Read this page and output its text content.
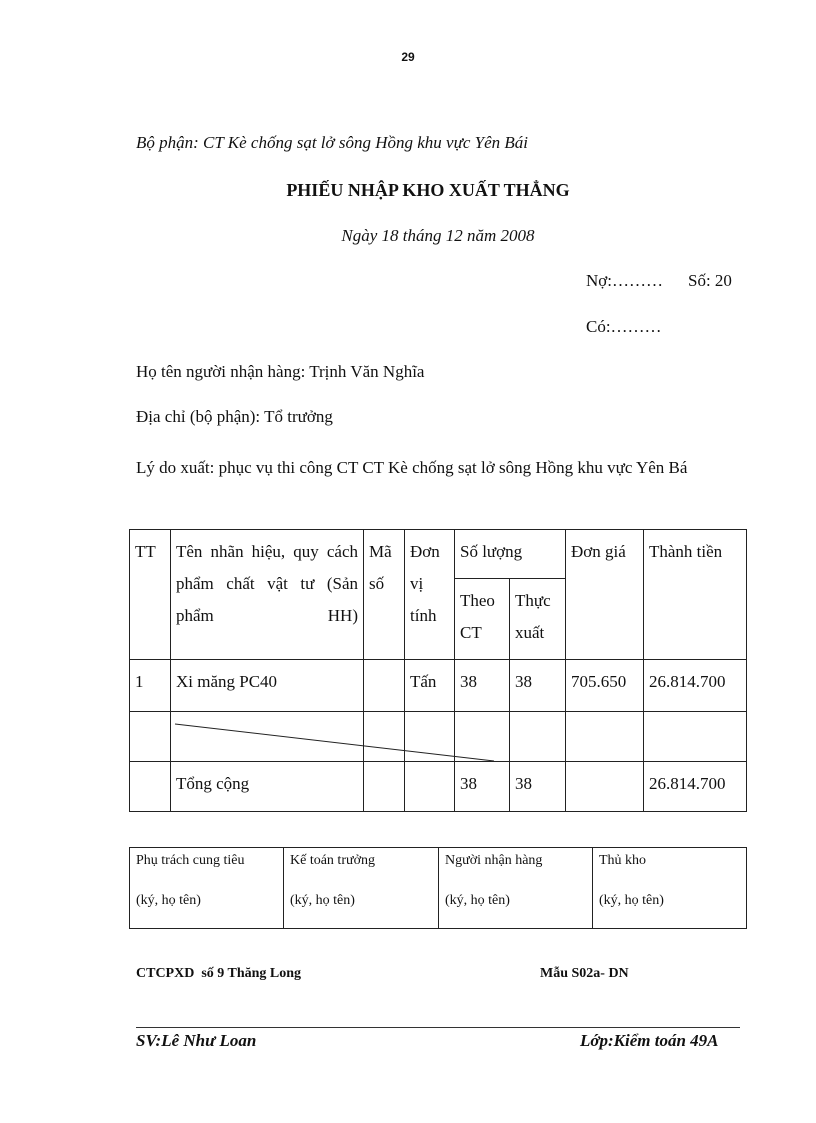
29
Bộ phận: CT Kè chống sạt lở sông Hồng khu vực Yên Bái
PHIẾU NHẬP KHO XUẤT THẲNG
Ngày 18 tháng 12 năm 2008
Nợ:……… Số: 20
Có:………
Họ tên người nhận hàng: Trịnh Văn Nghĩa
Địa chỉ (bộ phận): Tổ trưởng
Lý do xuất: phục vụ thi công CT CT Kè chống sạt lở sông Hồng khu vực Yên Bá
TT	Tên nhãn hiệu, quy cách phẩm chất vật tư (Sản phẩm HH)	Mã số	Đơn vị tính	Số lượng		Đơn giá	Thành tiền
				Theo CT	Thực xuất		
1	Xi măng PC40		Tấn	38	38	705.650	26.814.700

	Tổng cộng			38	38		26.814.700
Phụ trách cung tiêu
(ký, họ tên)

Kế toán trưởng
(ký, họ tên)

Người nhận hàng
(ký, họ tên)

Thủ kho
(ký, họ tên)
CTCPXD  số 9 Thăng Long	Mẫu S02a- DN
SV:Lê Như Loan	Lớp:Kiểm toán 49A
